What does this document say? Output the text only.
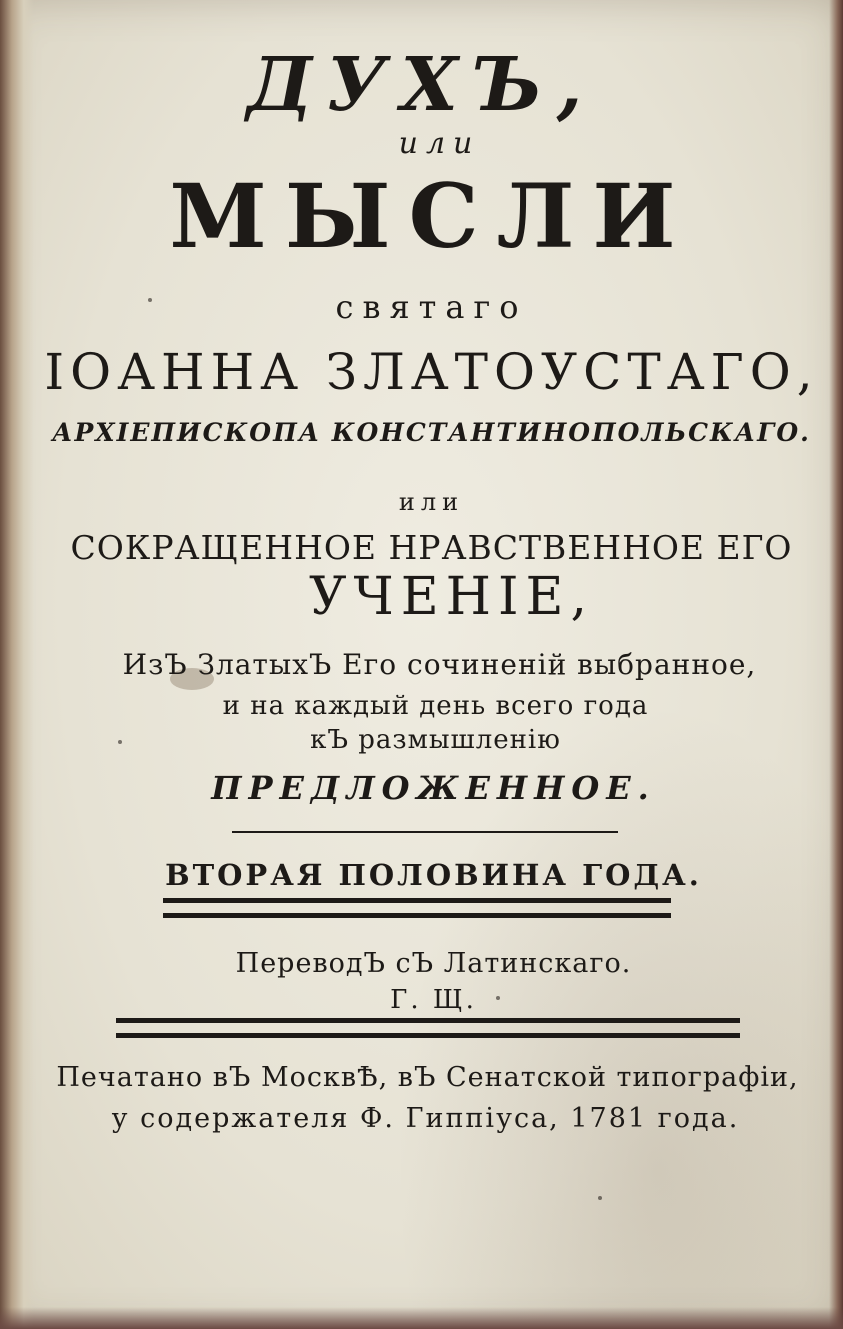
ДУХЪ,

или

МЫСЛИ

святаго

ІОАННА ЗЛАТОУСТАГО,

АРХІЕПИСКОПА КОНСТАНТИНОПОЛЬСКАГО.

или

СОКРАЩЕННОЕ НРАВСТВЕННОЕ ЕГО

УЧЕНІЕ,

ИзЪ ЗлатыхЪ Его сочиненій выбранное,

и на каждый день всего года

кЪ размышленію

ПРЕДЛОЖЕННОЕ.

ВТОРАЯ ПОЛОВИНА ГОДА.

ПереводЪ сЪ Латинскаго.

Г. Щ.

Печатано вЪ МосквѢ, вЪ Сенатской типографіи,

у содержателя Ф. Гиппіуса, 1781 года.
